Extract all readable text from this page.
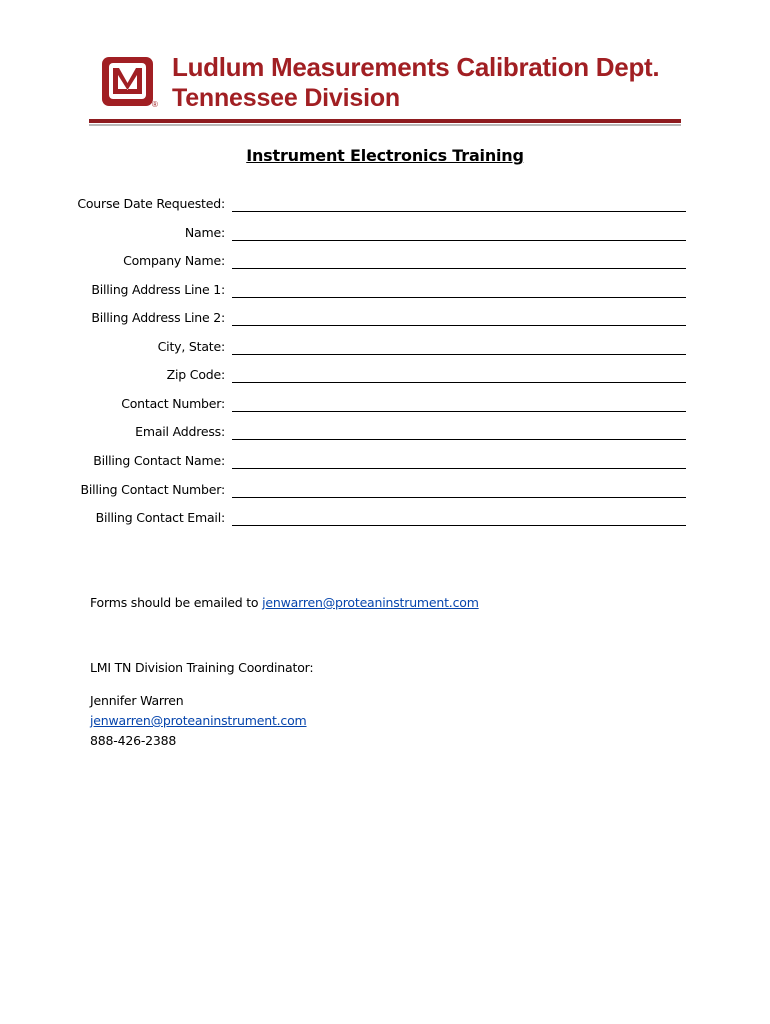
®
Ludlum Measurements Calibration Dept.
Tennessee Division
Instrument Electronics Training
Course Date Requested:
Name:
Company Name:
Billing Address Line 1:
Billing Address Line 2:
City, State:
Zip Code:
Contact Number:
Email Address:
Billing Contact Name:
Billing Contact Number:
Billing Contact Email:
Forms should be emailed to jenwarren@proteaninstrument.com
LMI TN Division Training Coordinator:
Jennifer Warren
jenwarren@proteaninstrument.com
888-426-2388
